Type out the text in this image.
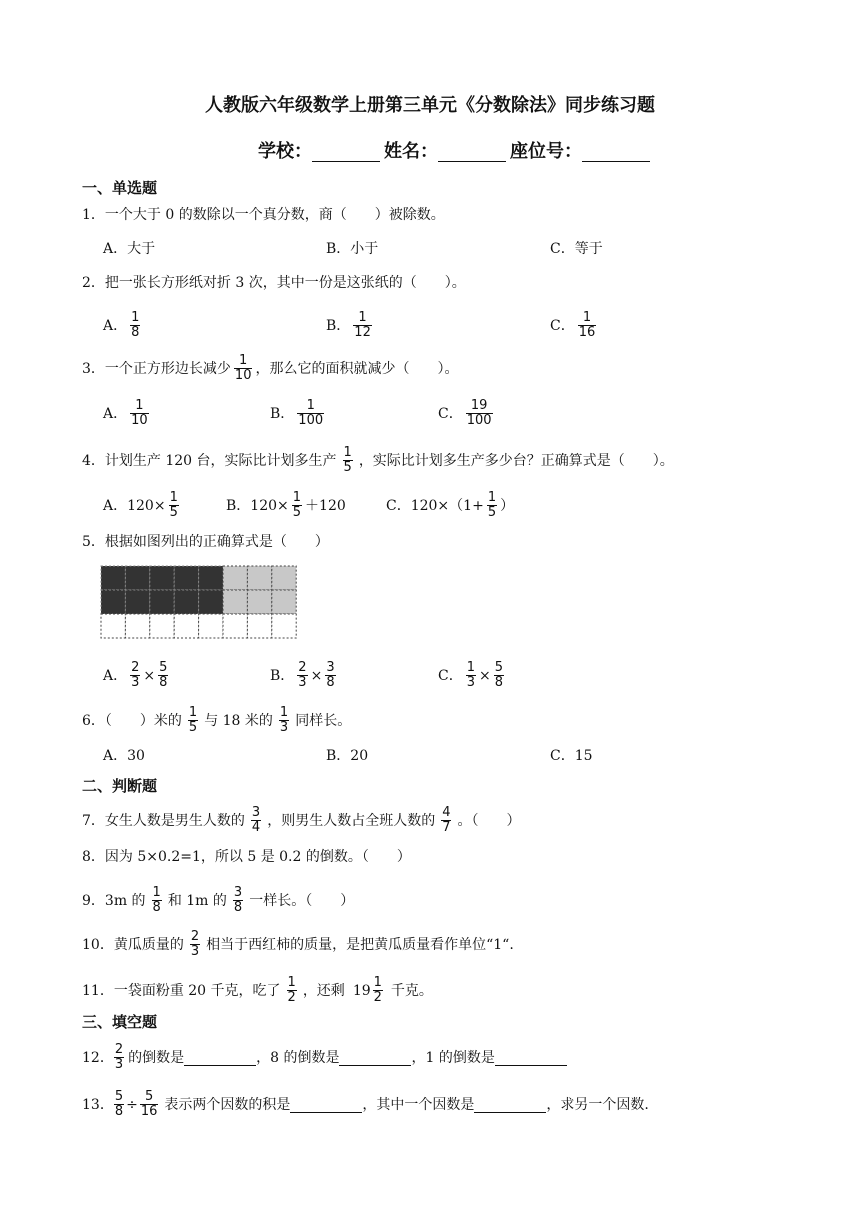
人教版六年级数学上册第三单元《分数除法》同步练习题
学校：	姓名：	座位号：
一、单选题
1．一个大于 0 的数除以一个真分数，商（　　）被除数。
A．大于	B．小于	C．等于
2．把一张长方形纸对折 3 次，其中一份是这张纸的（　　）。
A． $\frac{1}{8}$	B． $\frac{1}{12}$	C． $\frac{1}{16}$
3．一个正方形边长减少 $\frac{1}{10}$ ，那么它的面积就减少（　　）。
A． $\frac{1}{10}$	B． $\frac{1}{100}$	C． $\frac{19}{100}$
4．计划生产 120 台，实际比计划多生产 $\frac{1}{5}$ ，实际比计划多生产多少台？正确算式是（　　）。
A．$120\times \frac{1}{5}$	B．$120\times \frac{1}{5} +120$	C．$120\times(1+ \frac{1}{5}$ ）
5．根据如图列出的正确算式是（　　）
A． $\frac{2}{3} \times \frac{5}{8}$	B． $\frac{2}{3} \times \frac{3}{8}$	C． $\frac{1}{3} \times \frac{5}{8}$
6．（　　）米的 $\frac{1}{5}$ 与 18 米的 $\frac{1}{3}$ 同样长。
A．30	B．20	C．15
二、判断题
7．女生人数是男生人数的 $\frac{3}{4}$ ，则男生人数占全班人数的 $\frac{4}{7}$ 。（　　）
8．因为 5×0.2=1，所以 5 是 0.2 的倒数。（　　）
9．3m 的 $\frac{1}{8}$ 和 1m 的 $\frac{3}{8}$ 一样长。（　　）
10．黄瓜质量的 $\frac{2}{3}$ 相当于西红柿的质量，是把黄瓜质量看作单位“1“.
11．一袋面粉重 20 千克，吃了 $\frac{1}{2}$ ，还剩 $19 \frac{1}{2}$ 千克。
三、填空题
12． $\frac{2}{3}$ 的倒数是	，8 的倒数是	，1 的倒数是
13． $\frac{5}{8} \div \frac{5}{16}$ 表示两个因数的积是	，其中一个因数是	，求另一个因数.
